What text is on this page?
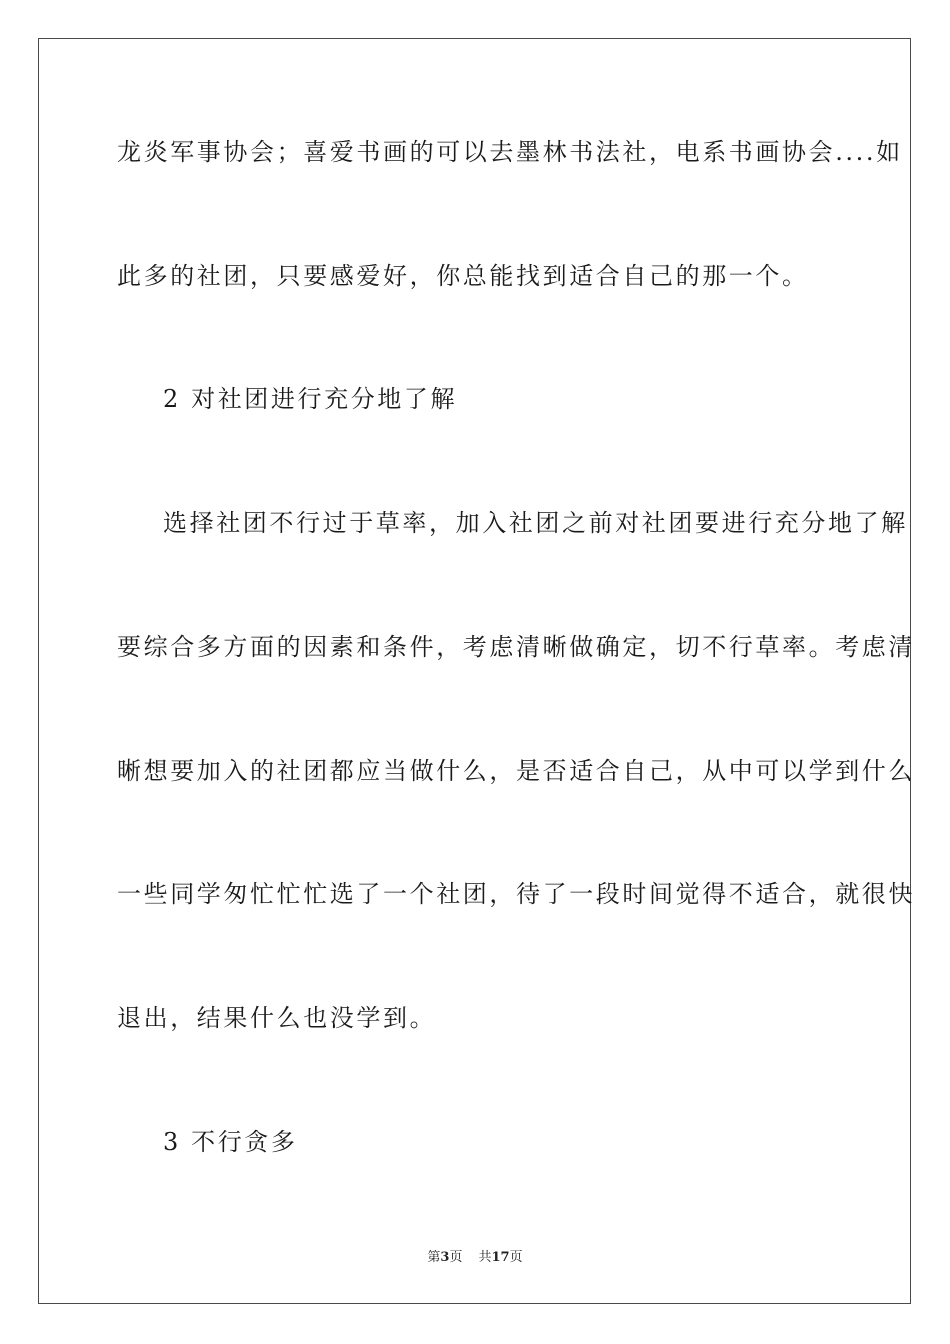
龙炎军事协会；喜爱书画的可以去墨林书法社，电系书画协会....如
此多的社团，只要感爱好，你总能找到适合自己的那一个。
2 对社团进行充分地了解
选择社团不行过于草率，加入社团之前对社团要进行充分地了解
要综合多方面的因素和条件，考虑清晰做确定，切不行草率。考虑清
晰想要加入的社团都应当做什么，是否适合自己，从中可以学到什么
一些同学匆忙忙忙选了一个社团，待了一段时间觉得不适合，就很快
退出，结果什么也没学到。
3 不行贪多
第3页 共17页
